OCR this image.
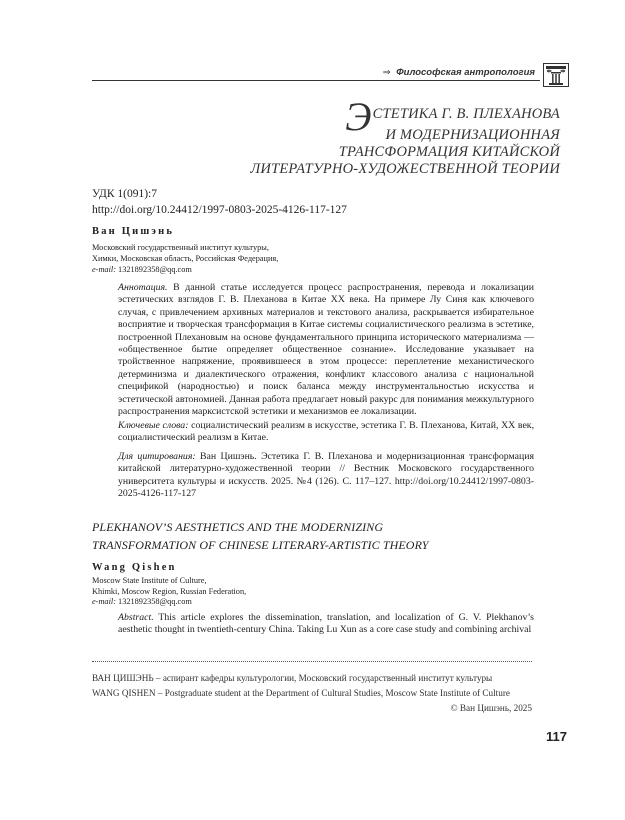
⇒ Философская антропология
ЭСТЕТИКА Г. В. ПЛЕХАНОВА
И МОДЕРНИЗАЦИОННАЯ
ТРАНСФОРМАЦИЯ КИТАЙСКОЙ
ЛИТЕРАТУРНО-ХУДОЖЕСТВЕННОЙ ТЕОРИИ
УДК 1(091):7
http://doi.org/10.24412/1997-0803-2025-4126-117-127
Ван Цишэнь
Московский государственный институт культуры,
Химки, Московская область, Российская Федерация,
e-mail: 1321892358@qq.com
Аннотация. В данной статье исследуется процесс распространения, перевода и локализации эстетических взглядов Г. В. Плеханова в Китае XX века. На примере Лу Синя как ключевого случая, с привлечением архивных материалов и текстового анализа, раскрывается избирательное восприятие и творческая трансформация в Китае системы социалистического реализма в эстетике, построенной Плехановым на основе фундаментального принципа исторического материализма — «общественное бытие определяет общественное сознание». Исследование указывает на тройственное напряжение, проявившееся в этом процессе: переплетение механистического детерминизма и диалектического отражения, конфликт классового анализа с национальной спецификой (народностью) и поиск баланса между инструментальностью искусства и эстетической автономией. Данная работа предлагает новый ракурс для понимания межкультурного распространения марксистской эстетики и механизмов ее локализации.
Ключевые слова: социалистический реализм в искусстве, эстетика Г. В. Плеханова, Китай, XX век, социалистический реализм в Китае.
Для цитирования: Ван Цишэнь. Эстетика Г. В. Плеханова и модернизационная трансформация китайской литературно-художественной теории // Вестник Московского государственного университета культуры и искусств. 2025. №4 (126). С. 117–127. http://doi.org/10.24412/1997-0803-2025-4126-117-127
PLEKHANOV’S AESTHETICS AND THE MODERNIZING
TRANSFORMATION OF CHINESE LITERARY-ARTISTIC THEORY
Wang Qishen
Moscow State Institute of Culture,
Khimki, Moscow Region, Russian Federation,
e-mail: 1321892358@qq.com
Abstract. This article explores the dissemination, translation, and localization of G. V. Plekhanov’s aesthetic thought in twentieth-century China. Taking Lu Xun as a core case study and combining archival
ВАН ЦИШЭНЬ – аспирант кафедры культурологии, Московский государственный институт культуры
WANG QISHEN – Postgraduate student at the Department of Cultural Studies, Moscow State Institute of Culture
© Ван Цишэнь, 2025
117
